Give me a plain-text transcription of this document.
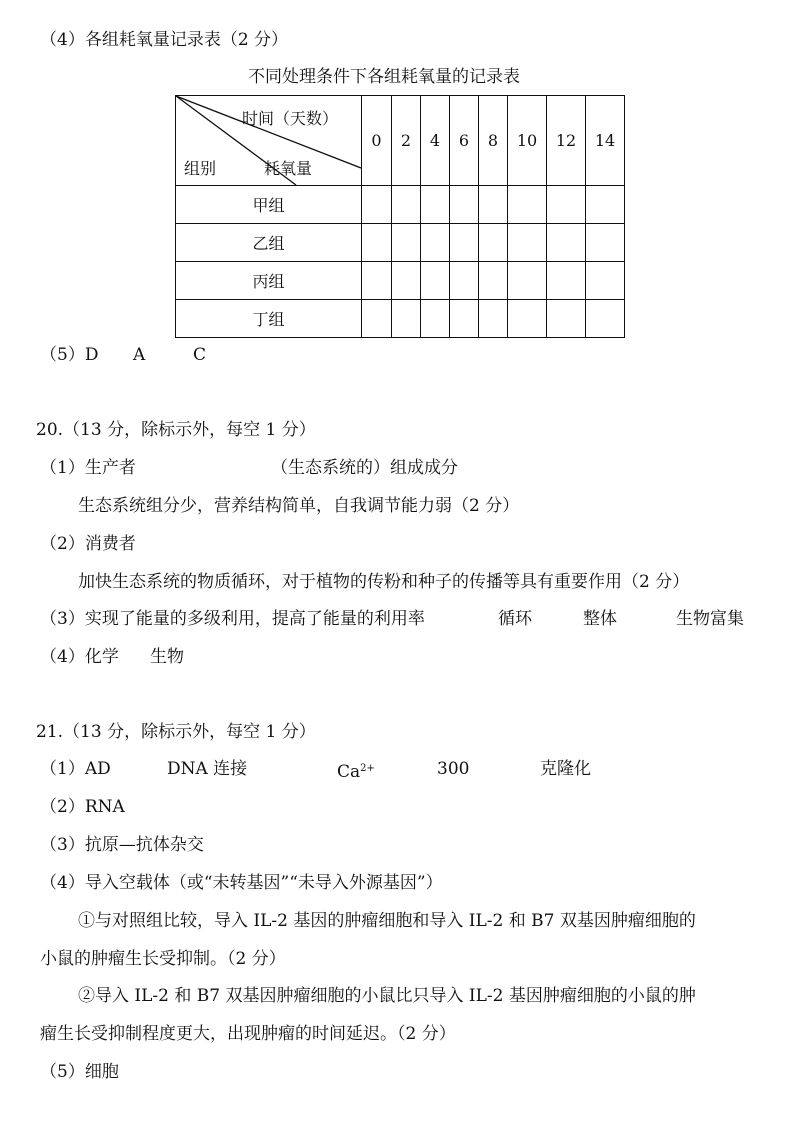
（4）各组耗氧量记录表（2 分）
不同处理条件下各组耗氧量的记录表
时间（天数）
组别 耗氧量	0	2	4	6	8	10	12	14
甲组								
乙组								
丙组								
丁组								
（5）D A	C
20.（13 分，除标示外，每空 1 分）
（1）生产者	（生态系统的）组成成分
生态系统组分少，营养结构简单，自我调节能力弱（2 分）
（2）消费者
加快生态系统的物质循环，对于植物的传粉和种子的传播等具有重要作用（2 分）
（3）实现了能量的多级利用，提高了能量的利用率	循环	整体	生物富集
（4）化学 生物
21.（13 分，除标示外，每空 1 分）
（1）AD	DNA 连接	$Ca^{2+}$	300	克隆化
（2）RNA
（3）抗原—抗体杂交
（4）导入空载体（或“未转基因”“未导入外源基因”）
①与对照组比较，导入 IL-2 基因的肿瘤细胞和导入 IL-2 和 B7 双基因肿瘤细胞的
小鼠的肿瘤生长受抑制。（2 分）
②导入 IL-2 和 B7 双基因肿瘤细胞的小鼠比只导入 IL-2 基因肿瘤细胞的小鼠的肿
瘤生长受抑制程度更大，出现肿瘤的时间延迟。（2 分）
（5）细胞
